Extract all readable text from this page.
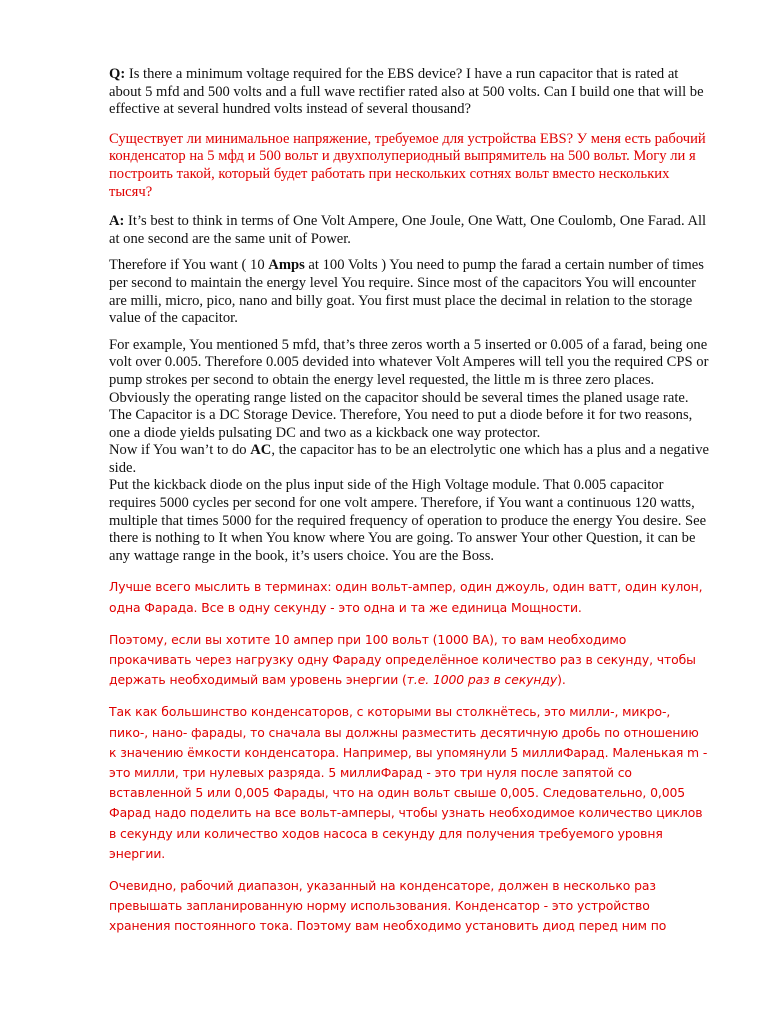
Q: Is there a minimum voltage required for the EBS device? I have a run capacitor that is rated at about 5 mfd and 500 volts and a full wave rectifier rated also at 500 volts. Can I build one that will be effective at several hundred volts instead of several thousand?

Существует ли минимальное напряжение, требуемое для устройства EBS? У меня есть рабочий конденсатор на 5 мфд и 500 вольт и двухполупериодный выпрямитель на 500 вольт. Могу ли я построить такой, который будет работать при нескольких сотнях вольт вместо нескольких тысяч?

A: It’s best to think in terms of One Volt Ampere, One Joule, One Watt, One Coulomb, One Farad. All at one second are the same unit of Power.

Therefore if You want ( 10 Amps at 100 Volts ) You need to pump the farad a certain number of times per second to maintain the energy level You require. Since most of the capacitors You will encounter are milli, micro, pico, nano and billy goat. You first must place the decimal in relation to the storage value of the capacitor.

For example, You mentioned 5 mfd, that’s three zeros worth a 5 inserted or 0.005 of a farad, being one volt over 0.005. Therefore 0.005 devided into whatever Volt Amperes will tell you the required CPS or pump strokes per second to obtain the energy level requested, the little m is three zero places. Obviously the operating range listed on the capacitor should be several times the planed usage rate. The Capacitor is a DC Storage Device. Therefore, You need to put a diode before it for two reasons, one a diode yields pulsating DC and two as a kickback one way protector.

Now if You wan’t to do AC, the capacitor has to be an electrolytic one which has a plus and a negative side.

Put the kickback diode on the plus input side of the High Voltage module. That 0.005 capacitor requires 5000 cycles per second for one volt ampere. Therefore, if You want a continuous 120 watts, multiple that times 5000 for the required frequency of operation to produce the energy You desire. See there is nothing to It when You know where You are going. To answer Your other Question, it can be any wattage range in the book, it’s users choice. You are the Boss.

Лучше всего мыслить в терминах: один вольт-ампер, один джоуль, один ватт, один кулон, одна Фарада. Все в одну секунду - это одна и та же единица Мощности.

Поэтому, если вы хотите 10 ампер при 100 вольт (1000 ВА), то вам необходимо прокачивать через нагрузку одну Фараду определённое количество раз в секунду, чтобы держать необходимый вам уровень энергии (т.е. 1000 раз в секунду).

Так как большинство конденсаторов, с которыми вы столкнётесь, это милли-, микро-, пико-, нано- фарады, то сначала вы должны разместить десятичную дробь по отношению к значению ёмкости конденсатора. Например, вы упомянули 5 миллиФарад. Маленькая m - это милли, три нулевых разряда. 5 миллиФарад - это три нуля после запятой со вставленной 5 или 0,005 Фарады, что на один вольт свыше 0,005. Следовательно, 0,005 Фарад надо поделить на все вольт-амперы, чтобы узнать необходимое количество циклов в секунду или количество ходов насоса в секунду для получения требуемого уровня энергии.

Очевидно, рабочий диапазон, указанный на конденсаторе, должен в несколько раз превышать запланированную норму использования. Конденсатор - это устройство хранения постоянного тока. Поэтому вам необходимо установить диод перед ним по
